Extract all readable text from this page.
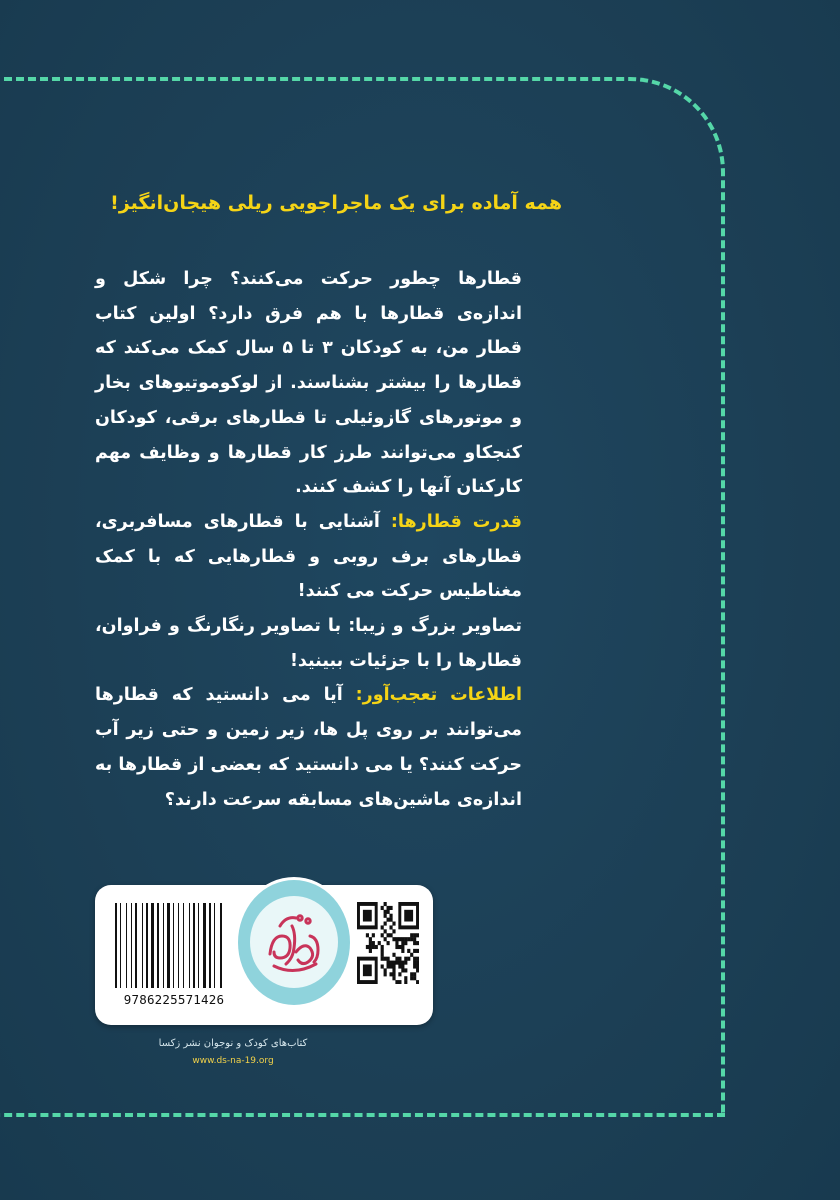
همه آماده برای یک ماجراجویی ریلی هیجان‌انگیز!

قطارها چطور حرکت می‌کنند؟ چرا شکل و اندازه‌ی قطارها با هم فرق دارد؟ اولین کتاب قطار من، به کودکان ۳ تا ۵ سال کمک می‌کند که قطارها را بیشتر بشناسند. از لوکوموتیوهای بخار و موتورهای گازوئیلی تا قطارهای برقی، کودکان کنجکاو می‌توانند طرز کار قطارها و وظایف مهم کارکنان آنها را کشف کنند.

قدرت قطارها: آشنایی با قطارهای مسافربری، قطارهای برف روبی و قطارهایی که با کمک مغناطیس حرکت می کنند!

تصاویر بزرگ و زیبا: با تصاویر رنگارنگ و فراوان، قطارها را با جزئیات ببینید!

اطلاعات تعجب‌آور: آیا می دانستید که قطارها می‌توانند بر روی پل ها، زیر زمین و حتی زیر آب حرکت کنند؟ یا می دانستید که بعضی از قطارها به اندازه‌ی ماشین‌های مسابقه سرعت دارند؟

9786225571426
کتاب‌های کودک و نوجوان نشر زکسا
www.ds-na-19.org
